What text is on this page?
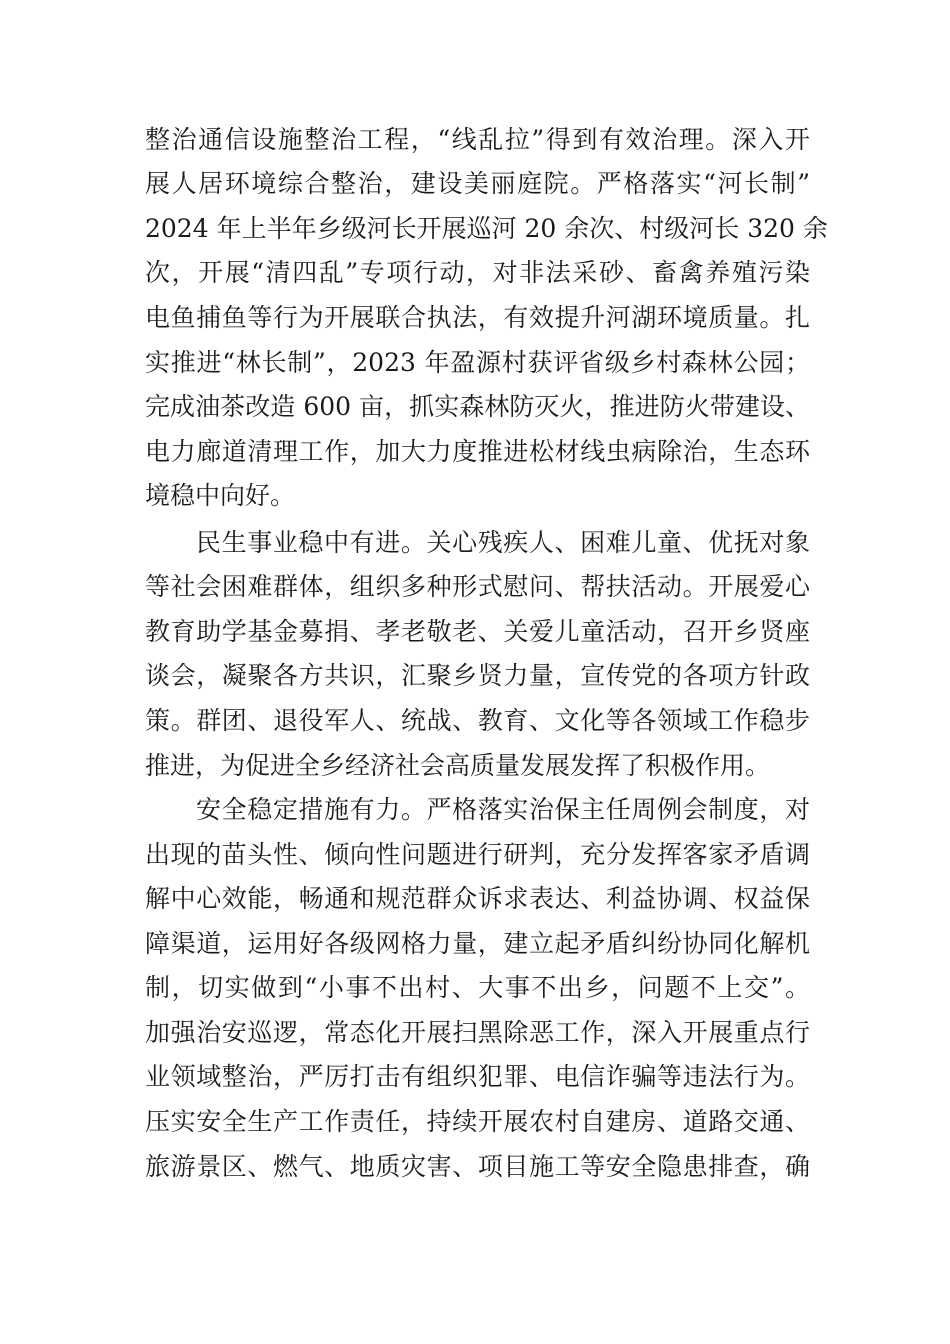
整治通信设施整治工程，“线乱拉”得到有效治理。深入开
展人居环境综合整治，建设美丽庭院。严格落实“河长制”
2024 年上半年乡级河长开展巡河 20 余次、村级河长 320 余
次，开展“清四乱”专项行动，对非法采砂、畜禽养殖污染
电鱼捕鱼等行为开展联合执法，有效提升河湖环境质量。扎
实推进“林长制”，2023 年盈源村获评省级乡村森林公园；
完成油茶改造 600 亩，抓实森林防灭火，推进防火带建设、
电力廊道清理工作，加大力度推进松材线虫病除治，生态环
境稳中向好。
民生事业稳中有进。关心残疾人、困难儿童、优抚对象
等社会困难群体，组织多种形式慰问、帮扶活动。开展爱心
教育助学基金募捐、孝老敬老、关爱儿童活动，召开乡贤座
谈会，凝聚各方共识，汇聚乡贤力量，宣传党的各项方针政
策。群团、退役军人、统战、教育、文化等各领域工作稳步
推进，为促进全乡经济社会高质量发展发挥了积极作用。
安全稳定措施有力。严格落实治保主任周例会制度，对
出现的苗头性、倾向性问题进行研判，充分发挥客家矛盾调
解中心效能，畅通和规范群众诉求表达、利益协调、权益保
障渠道，运用好各级网格力量，建立起矛盾纠纷协同化解机
制，切实做到“小事不出村、大事不出乡，问题不上交”。
加强治安巡逻，常态化开展扫黑除恶工作，深入开展重点行
业领域整治，严厉打击有组织犯罪、电信诈骗等违法行为。
压实安全生产工作责任，持续开展农村自建房、道路交通、
旅游景区、燃气、地质灾害、项目施工等安全隐患排查，确
